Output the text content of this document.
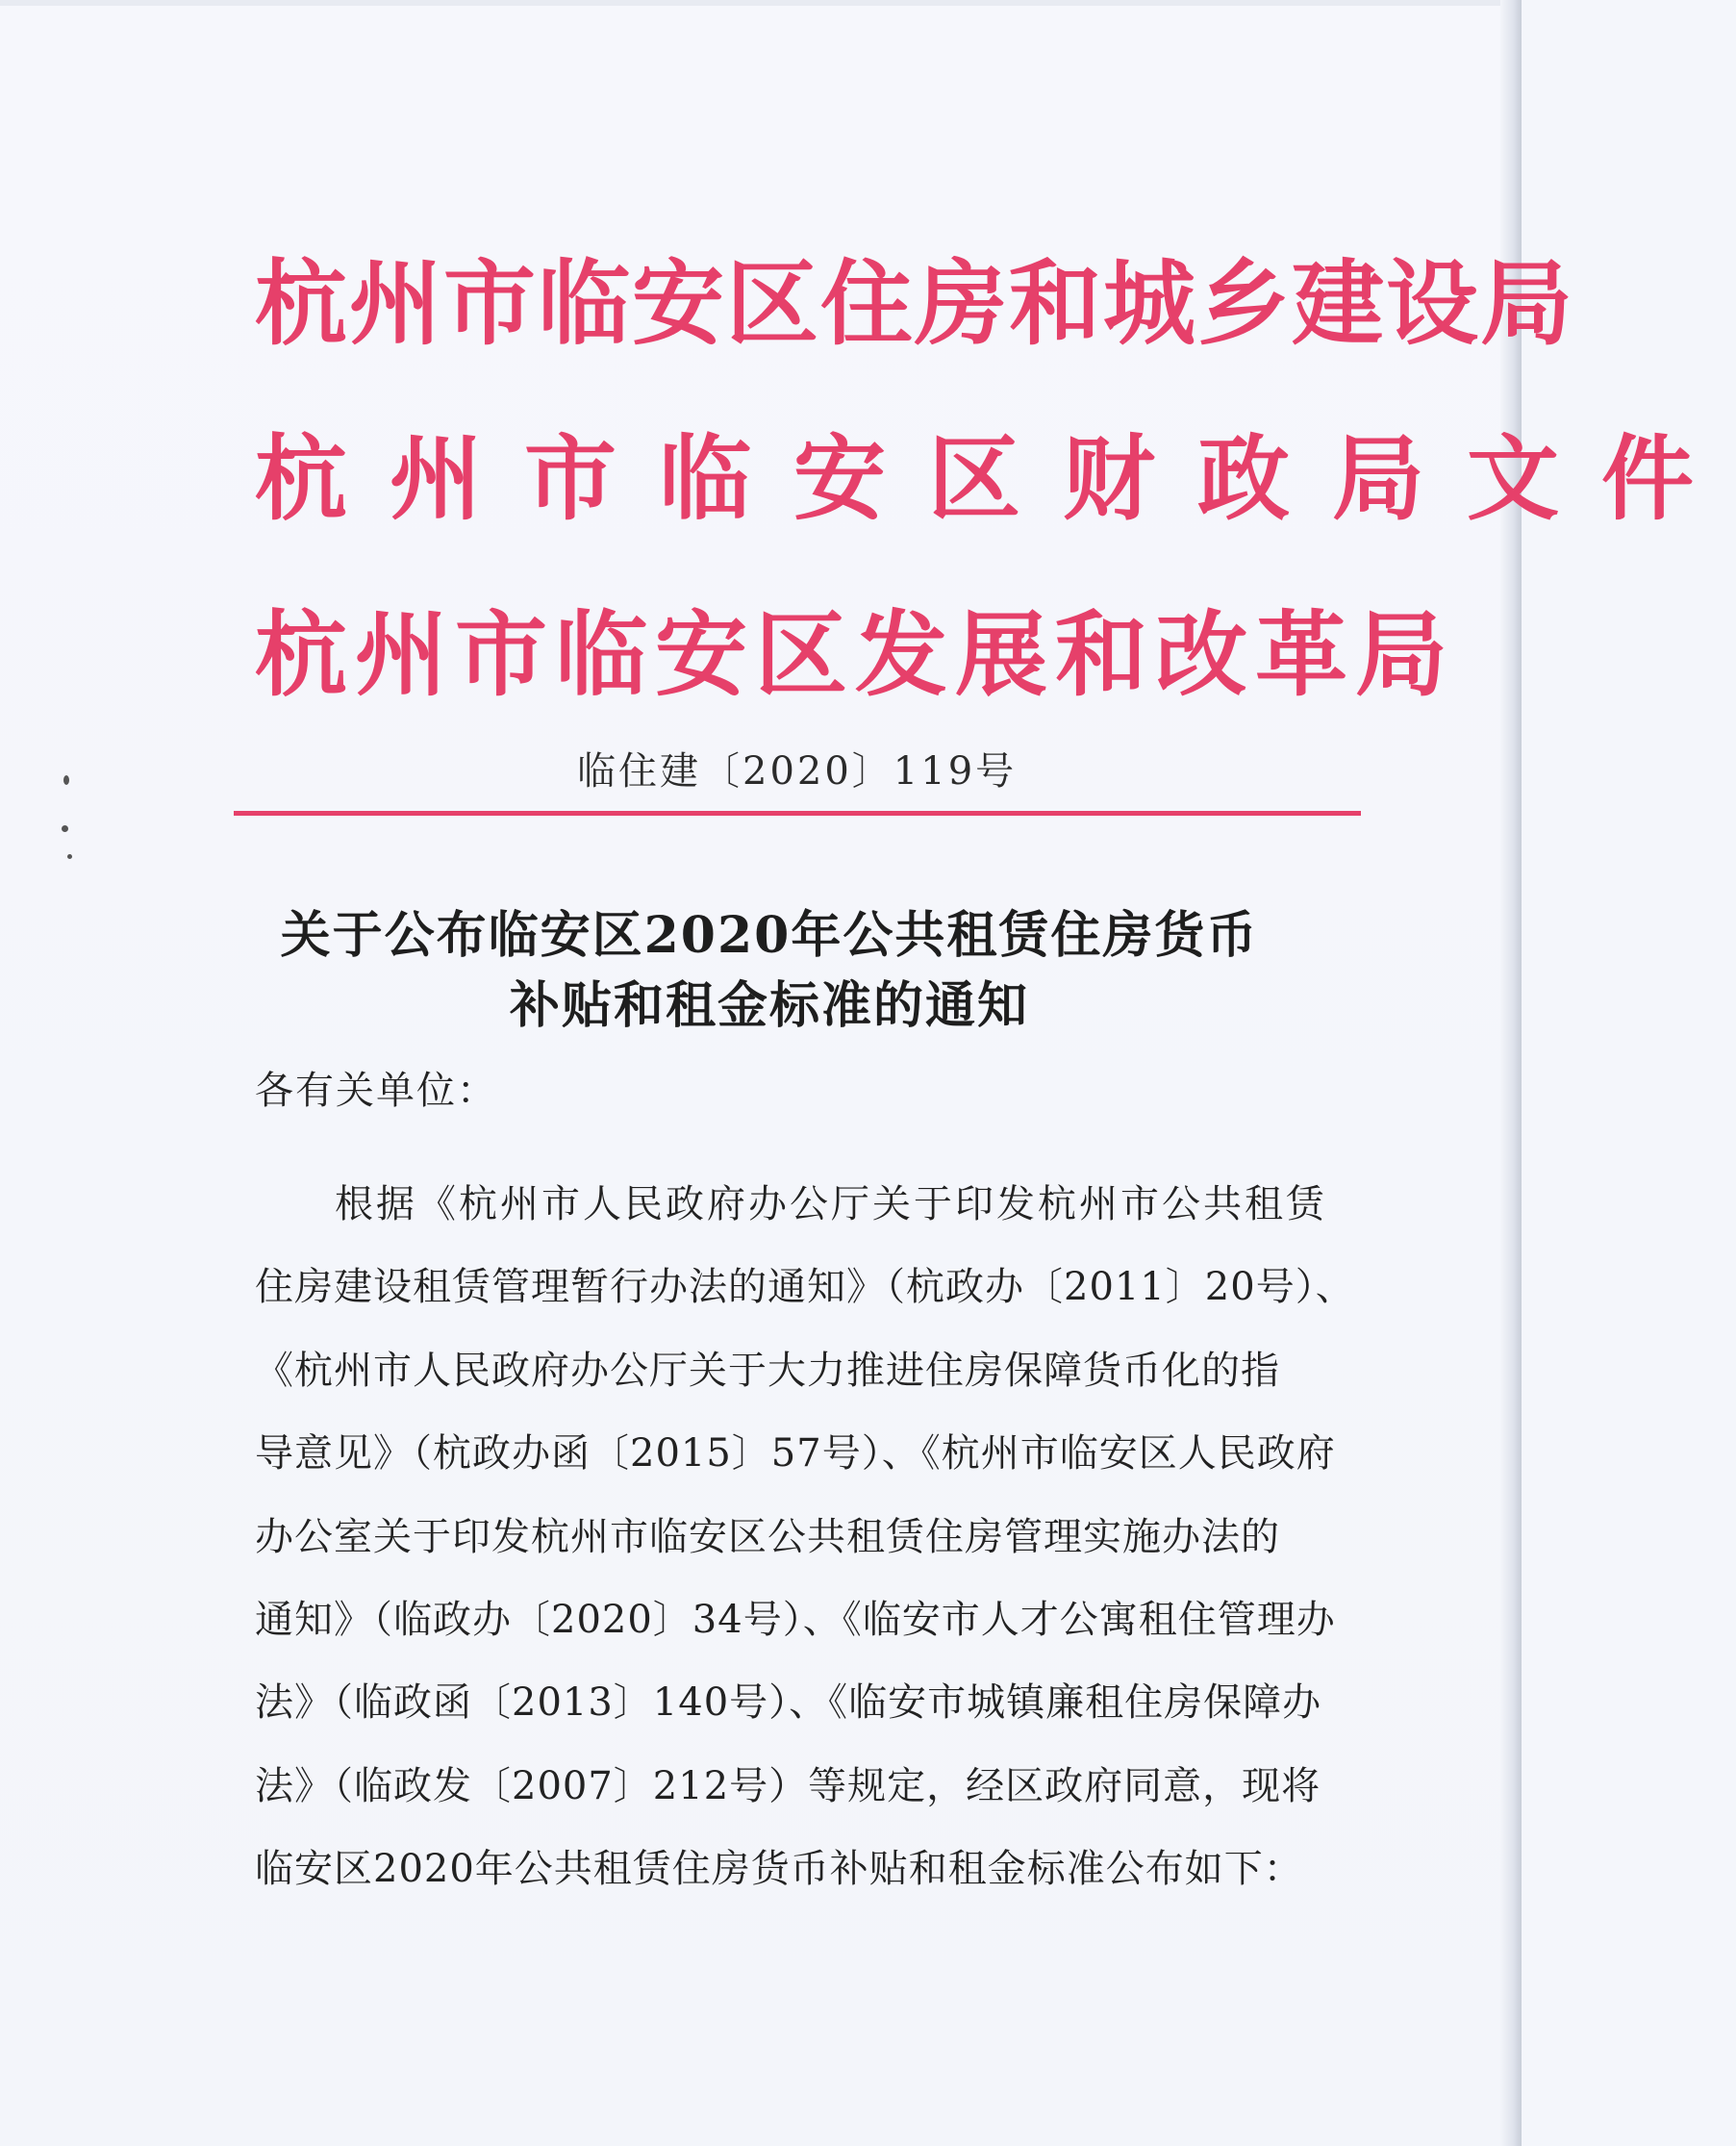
杭州市临安区住房和城乡建设局
杭州市临安区财政局文件
杭州市临安区发展和改革局
临住建〔2020〕119号
关于公布临安区2020年公共租赁住房货币
补贴和租金标准的通知
各有关单位：
根据《杭州市人民政府办公厅关于印发杭州市公共租赁
住房建设租赁管理暂行办法的通知》（杭政办〔2011〕20号）、
《杭州市人民政府办公厅关于大力推进住房保障货币化的指
导意见》（杭政办函〔2015〕57号）、《杭州市临安区人民政府
办公室关于印发杭州市临安区公共租赁住房管理实施办法的
通知》（临政办〔2020〕34号）、《临安市人才公寓租住管理办
法》（临政函〔2013〕140号）、《临安市城镇廉租住房保障办
法》（临政发〔2007〕212号）等规定，经区政府同意，现将
临安区2020年公共租赁住房货币补贴和租金标准公布如下：
